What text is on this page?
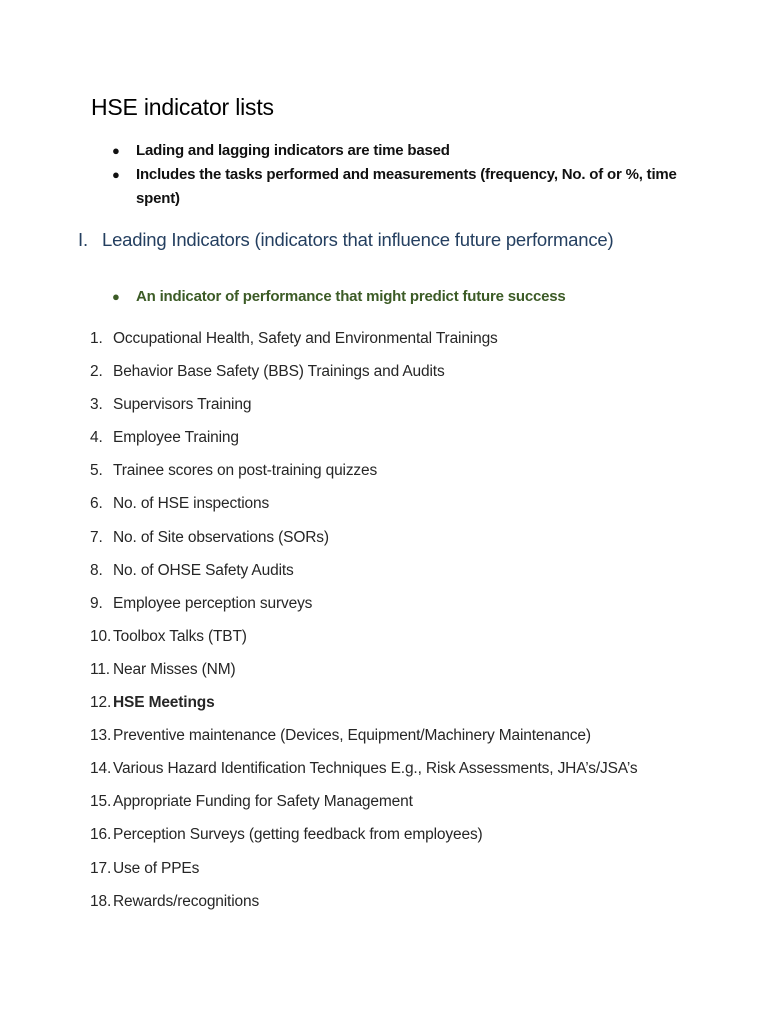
HSE indicator lists
● Lading and lagging indicators are time based
● Includes the tasks performed and measurements (frequency, No. of or %, time spent)
I. Leading Indicators (indicators that influence future performance)
● An indicator of performance that might predict future success
1. Occupational Health, Safety and Environmental Trainings
2. Behavior Base Safety (BBS) Trainings and Audits
3. Supervisors Training
4. Employee Training
5. Trainee scores on post-training quizzes
6. No. of HSE inspections
7. No. of Site observations (SORs)
8. No. of OHSE Safety Audits
9. Employee perception surveys
10. Toolbox Talks (TBT)
11. Near Misses (NM)
12. HSE Meetings
13. Preventive maintenance (Devices, Equipment/Machinery Maintenance)
14. Various Hazard Identification Techniques E.g., Risk Assessments, JHA’s/JSA’s
15. Appropriate Funding for Safety Management
16. Perception Surveys (getting feedback from employees)
17. Use of PPEs
18. Rewards/recognitions
